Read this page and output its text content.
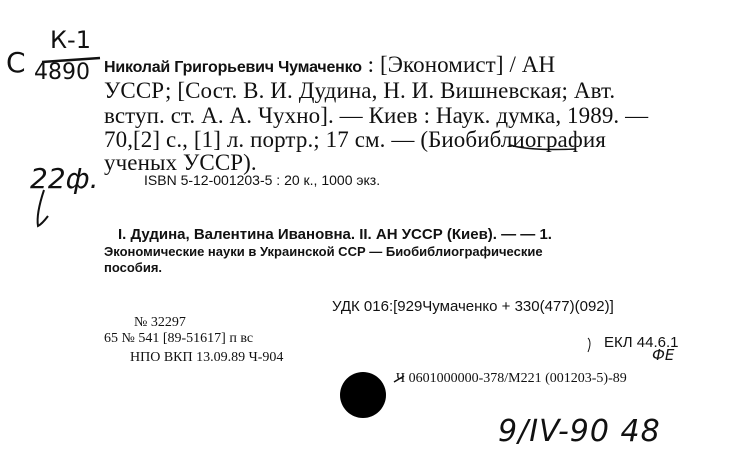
С
К-1
4890
22ф.
ФЕ
9/IV-90 48
Николай Григорьевич Чумаченко : [Экономист] / АН
УССР; [Сост. В. И. Дудина, Н. И. Вишневская; Авт.
вступ. ст. А. А. Чухно]. — Киев : Наук. думка, 1989. —
70,[2] с., [1] л. портр.; 17 см. — (Биобиблиография
ученых УССР).
ISBN 5-12-001203-5 : 20 к., 1000 экз.
I. Дудина, Валентина Ивановна. II. АН УССР (Киев). — — 1.
Экономические науки в Украинской ССР — Биобиблиографические
пособия.
УДК 016:[929Чумаченко + 330(477)(092)]
№ 32297
65 № 541 [89-51617] п вс	ЕКЛ 44.6.1
НПО ВКП 13.09.89 Ч-904
Ч 0601000000-378/M221 (001203-5)-89
